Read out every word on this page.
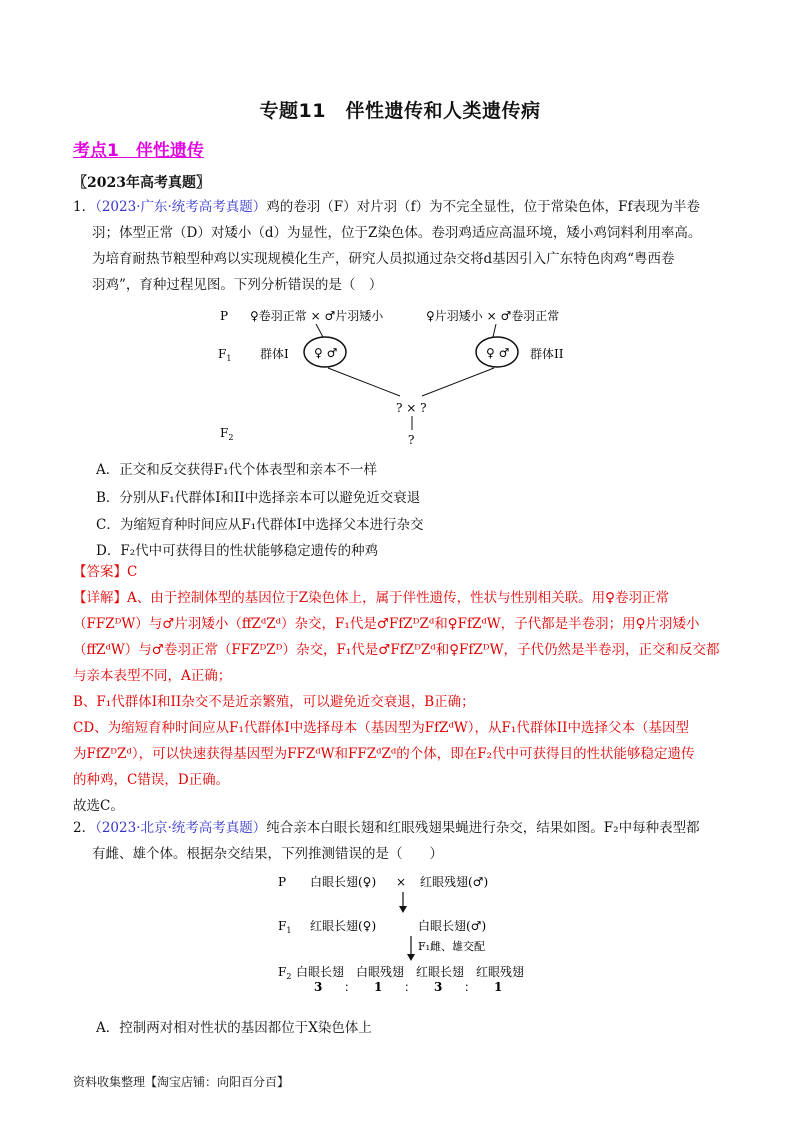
专题11　伴性遗传和人类遗传病
考点1　伴性遗传
〖2023年高考真题〗
1．（2023·广东·统考高考真题）鸡的卷羽（F）对片羽（f）为不完全显性，位于常染色体，Ff表现为半卷
羽；体型正常（D）对矮小（d）为显性，位于Z染色体。卷羽鸡适应高温环境，矮小鸡饲料利用率高。
为培育耐热节粮型种鸡以实现规模化生产，研究人员拟通过杂交将d基因引入广东特色肉鸡“粤西卷
羽鸡”，育种过程见图。下列分析错误的是（　）
P ♀卷羽正常 × ♂片羽矮小	♀片羽矮小 × ♂卷羽正常
$F_1$ 群体I ♀ ♂	♀ ♂ 群体II
? × ?
$F_2$	?
A．正交和反交获得F₁代个体表型和亲本不一样
B．分别从F₁代群体I和II中选择亲本可以避免近交衰退
C．为缩短育种时间应从F₁代群体I中选择父本进行杂交
D．F₂代中可获得目的性状能够稳定遗传的种鸡
【答案】C
【详解】A、由于控制体型的基因位于Z染色体上，属于伴性遗传，性状与性别相关联。用♀卷羽正常
（FFZᴰW）与♂片羽矮小（ffZᵈZᵈ）杂交，F₁代是♂FfZᴰZᵈ和♀FfZᵈW，子代都是半卷羽；用♀片羽矮小
（ffZᵈW）与♂卷羽正常（FFZᴰZᴰ）杂交，F₁代是♂FfZᴰZᵈ和♀FfZᴰW，子代仍然是半卷羽，正交和反交都
与亲本表型不同，A正确；
B、F₁代群体I和II杂交不是近亲繁殖，可以避免近交衰退，B正确；
CD、为缩短育种时间应从F₁代群体I中选择母本（基因型为FfZᵈW），从F₁代群体II中选择父本（基因型
为FfZᴰZᵈ），可以快速获得基因型为FFZᵈW和FFZᵈZᵈ的个体，即在F₂代中可获得目的性状能够稳定遗传
的种鸡，C错误，D正确。
故选C。
2．（2023·北京·统考高考真题）纯合亲本白眼长翅和红眼残翅果蝇进行杂交，结果如图。F₂中每种表型都
有雌、雄个体。根据杂交结果，下列推测错误的是（　　）
P 白眼长翅(♀) × 红眼残翅(♂)
$F_1$ 红眼长翅(♀)	白眼长翅(♂)
F₁雌、雄交配
$F_2$ 白眼长翅 白眼残翅 红眼长翅 红眼残翅
3 ： 1 ： 3 ： 1
A．控制两对相对性状的基因都位于X染色体上
资料收集整理【淘宝店铺：向阳百分百】
